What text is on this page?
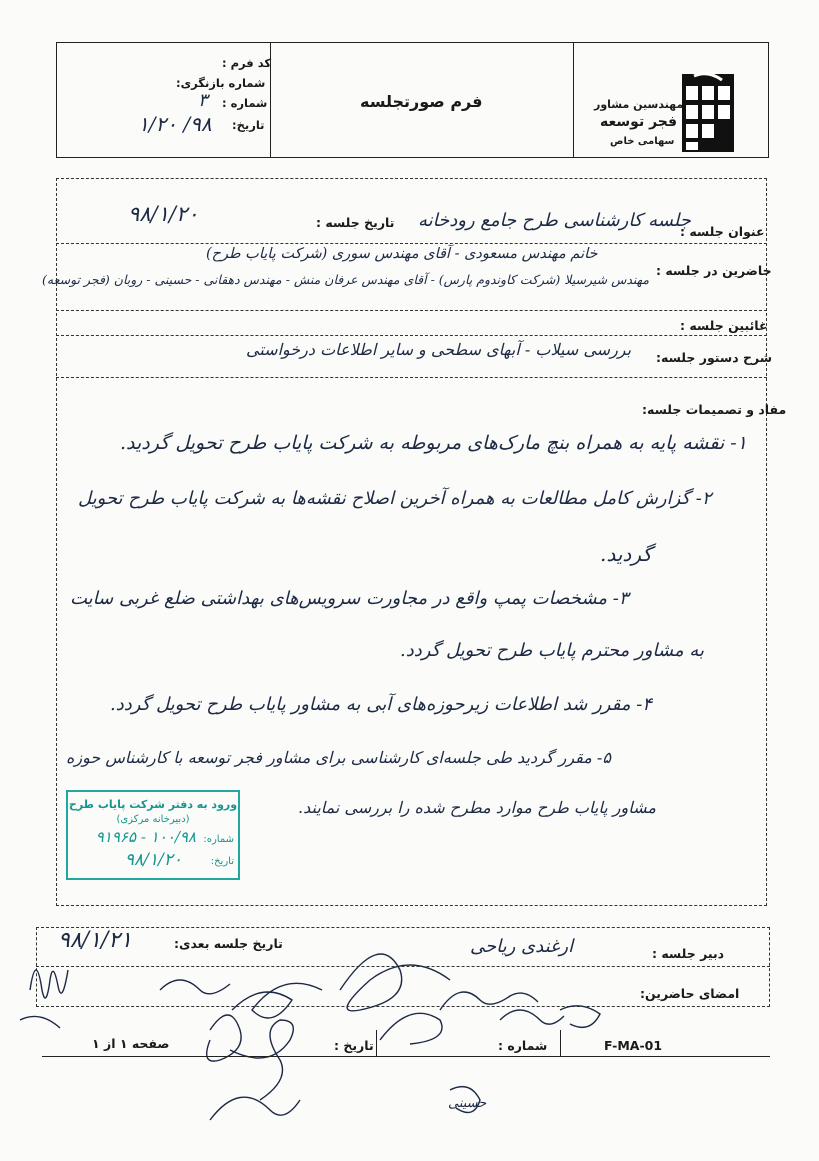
مهندسین مشاور
فجر توسعه
سهامی خاص
فرم صورتجلسه
کد فرم :
شماره بازنگری:
شماره :
۳
تاریخ:
۹۸/ ۱/۲۰
عنوان جلسه :
جلسه کارشناسی طرح جامع رودخانه
تاریخ جلسه :
۹۸/۱/۲۰
حاضرین در جلسه :
خانم مهندس مسعودی - آقای مهندس سوری (شرکت پایاب طرح)
مهندس شیرسیلا (شرکت کاوندوم پارس) - آقای مهندس عرفان منش - مهندس دهقانی - حسینی - روبان (فجر توسعه)
غائبین جلسه :
شرح دستور جلسه:
بررسی سیلاب - آبهای سطحی و سایر اطلاعات درخواستی
مفاد و تصمیمات جلسه:
۱- نقشه پایه به همراه بنچ مارک‌های مربوطه به شرکت پایاب طرح تحویل گردید.
۲- گزارش کامل مطالعات به همراه آخرین اصلاح نقشه‌ها به شرکت پایاب طرح تحویل
گردید.
۳- مشخصات پمپ واقع در مجاورت سرویس‌های بهداشتی ضلع غربی سایت
به مشاور محترم پایاب طرح تحویل گردد.
۴- مقرر شد اطلاعات زیرحوزه‌های آبی به مشاور پایاب طرح تحویل گردد.
۵- مقرر گردید طی جلسه‌ای کارشناسی برای مشاور فجر توسعه با کارشناس حوزه
مشاور پایاب طرح موارد مطرح شده را بررسی نمایند.
ورود به دفتر شرکت پایاب طرح
(دبیرخانه مرکزی)
شماره:
۱۰۰/۹۸ - ۹۱۹۶۵
تاریخ:
۹۸/۱/۲۰
دبیر جلسه :
ارغندی ریاحی
تاریخ جلسه بعدی:
۹۸/۱/۲۱
امضای حاضرین:
حسینی
صفحه ۱ از ۱	تاریخ :	شماره :	F-MA-01
